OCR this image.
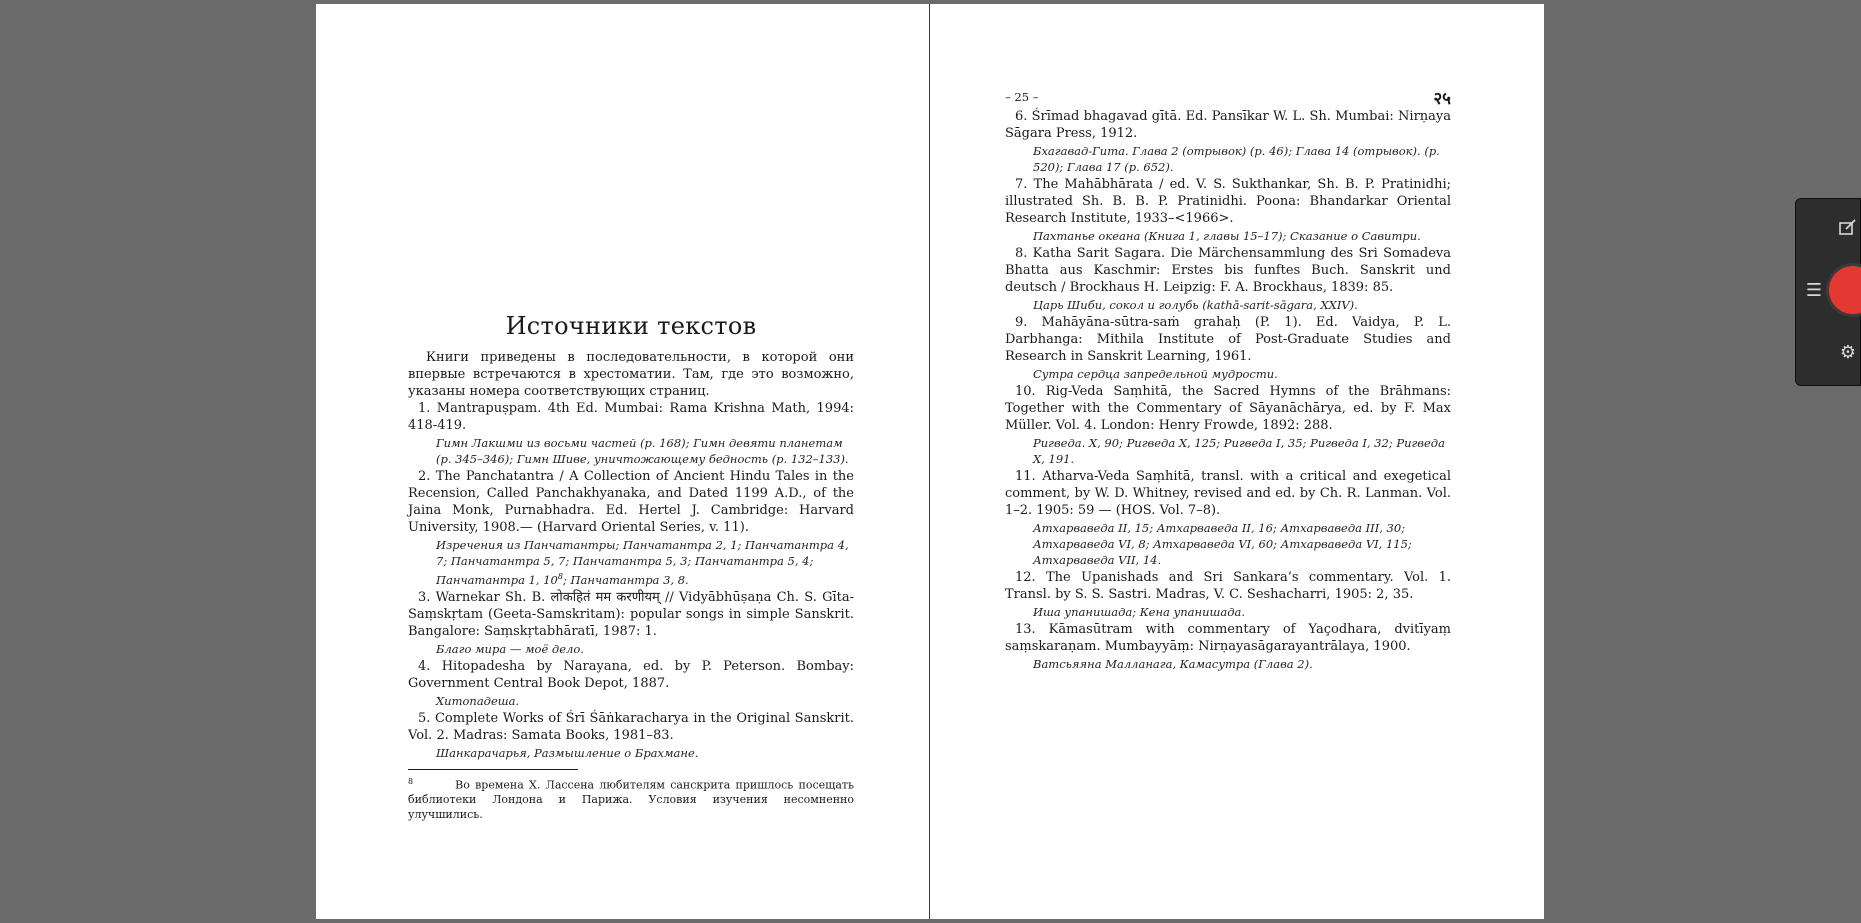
Источники текстов

Книги приведены в последовательности, в которой они впервые встречаются в хрестоматии. Там, где это возможно, указаны номера соответствующих страниц.

1. Mantrapuṣpam. 4th Ed. Mumbai: Rama Krishna Math, 1994: 418-419.

Гимн Лакшми из восьми частей (p. 168); Гимн девяти планетам (p. 345–346); Гимн Шиве, уничтожающему бедность (p. 132–133).

2. The Panchatantra / A Collection of Ancient Hindu Tales in the Recension, Called Panchakhyanaka, and Dated 1199 A.D., of the Jaina Monk, Purnabhadra. Ed. Hertel J. Cambridge: Harvard University, 1908.— (Harvard Oriental Series, v. 11).

Изречения из Панчатантры; Панчатантра 2, 1; Панчатантра 4, 7; Панчатантра 5, 7; Панчатантра 5, 3; Панчатантра 5, 4; Панчатантра 1, 10$^8$; Панчатантра 3, 8.

3. Warnekar Sh. B. लोकहितं मम करणीयम् // Vidyābhūṣaṇa Ch. S. Gīta-Saṃskṛtam (Geeta-Samskritam): popular songs in simple Sanskrit. Bangalore: Saṃskṛtabhāratī, 1987: 1.

Благо мира — моё дело.

4. Hitopadesha by Narayana, ed. by P. Peterson. Bombay: Government Central Book Depot, 1887.

Хитопадеша.

5. Complete Works of Śrī Śāṅkaracharya in the Original Sanskrit. Vol. 2. Madras: Samata Books, 1981–83.

Шанкарачарья, Размышление о Брахмане.

$^8$	Во времена Х. Лассена любителям санскрита пришлось посещать библиотеки Лондона и Парижа. Условия изучения несомненно улучшились.

– 25 –	२५

6. Śrīmad bhagavad gītā. Ed. Pansīkar W. L. Sh. Mumbai: Nirṇaya Sāgara Press, 1912.

Бхагавад-Гита. Глава 2 (отрывок) (p. 46); Глава 14 (отрывок). (p. 520); Глава 17 (p. 652).

7. The Mahābhārata / ed. V. S. Sukthankar, Sh. B. P. Pratinidhi; illustrated Sh. B. B. P. Pratinidhi. Poona: Bhandarkar Oriental Research Institute, 1933–<1966>.

Пахтанье океана (Книга 1, главы 15–17); Сказание о Савитри.

8. Katha Sarit Sagara. Die Märchensammlung des Sri Somadeva Bhatta aus Kaschmir: Erstes bis funftes Buch. Sanskrit und deutsch / Brockhaus H. Leipzig: F. A. Brockhaus, 1839: 85.

Царь Шибu, сокол и голубь (kathā-sarit-sāgara, XXIV).

9. Mahāyāna-sūtra-saṁ grahaḥ (P. 1). Ed. Vaidya, P. L. Darbhanga: Mithila Institute of Post-Graduate Studies and Research in Sanskrit Learning, 1961.

Сутра сердца запредельной мудрости.

10. Rig-Veda Saṃhitā, the Sacred Hymns of the Brāhmans: Together with the Commentary of Sāyanāchārya, ed. by F. Max Müller. Vol. 4. London: Henry Frowde, 1892: 288.

Ригведа. X, 90; Ригведа X, 125; Ригведа I, 35; Ригведа I, 32; Ригведа X, 191.

11. Atharva-Veda Saṃhitā, transl. with a critical and exegetical comment, by W. D. Whitney, revised and ed. by Ch. R. Lanman. Vol. 1–2. 1905: 59 — (HOS. Vol. 7–8).

Атхарваведа II, 15; Атхарваведа II, 16; Атхарваведа III, 30; Атхарваведа VI, 8; Атхарваведа VI, 60; Атхарваведа VI, 115; Атхарваведа VII, 14.

12. The Upanishads and Sri Sankara’s commentary. Vol. 1. Transl. by S. S. Sastri. Madras, V. C. Seshacharri, 1905: 2, 35.

Иша упанишада; Кена упанишада.

13. Kāmasūtram with commentary of Yaçodhara, dvitīyaṃ saṃskaraṇam. Mumbayyāṃ: Nirṇayasāgarayantrālaya, 1900.

Ватсьяяна Малланага, Камасутра (Глава 2).

☰
⚙
